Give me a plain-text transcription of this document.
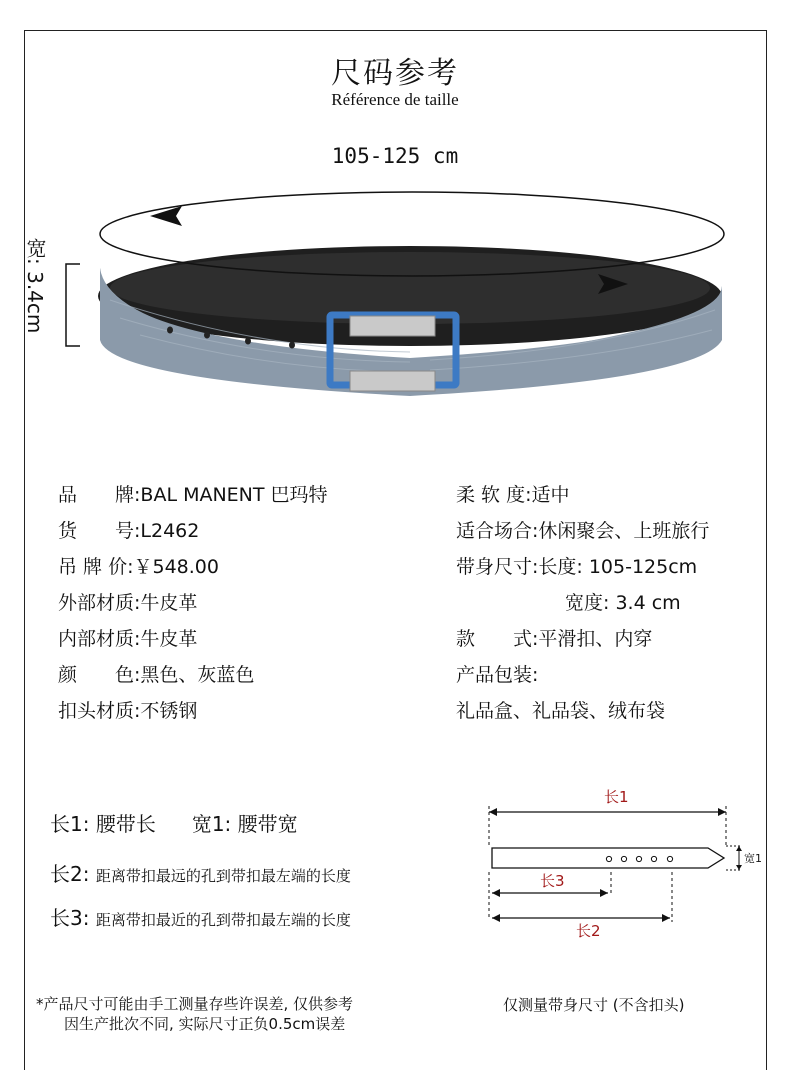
尺码参考
Référence de taille
105-125 cm
宽: 3.4cm
品　　牌:BAL MANENT 巴玛特
货　　号:L2462
吊 牌 价:￥548.00
外部材质:牛皮革
内部材质:牛皮革
颜　　色:黑色、灰蓝色
扣头材质:不锈钢
柔 软 度:适中
适合场合:休闲聚会、上班旅行
带身尺寸:长度: 105-125cm
宽度: 3.4 cm
款　　式:平滑扣、内穿
产品包装:
礼品盒、礼品袋、绒布袋
长1: 腰带长 宽1: 腰带宽
长2: 距离带扣最远的孔到带扣最左端的长度
长3: 距离带扣最近的孔到带扣最左端的长度
长1
宽1
长3
长2
*产品尺寸可能由手工测量存些许误差, 仅供参考
因生产批次不同, 实际尺寸正负0.5cm误差
仅测量带身尺寸 (不含扣头)
